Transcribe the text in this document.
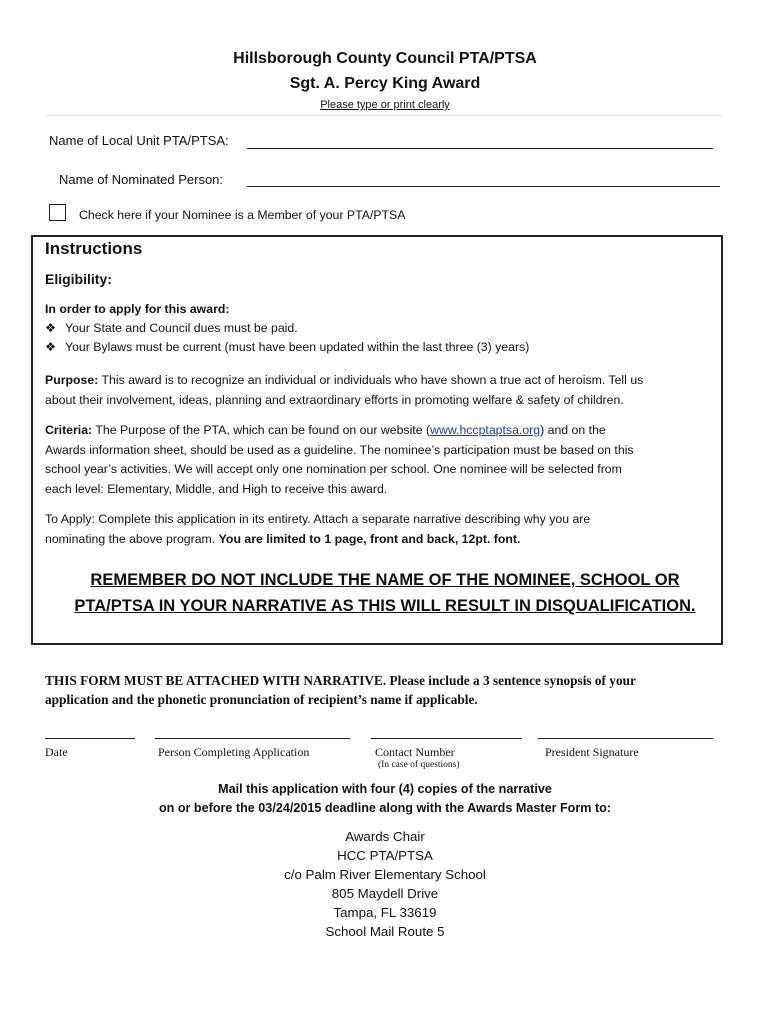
Hillsborough County Council PTA/PTSA
Sgt. A. Percy King Award
Please type or print clearly
Name of Local Unit PTA/PTSA:
Name of Nominated Person:
Check here if your Nominee is a Member of your PTA/PTSA
Instructions
Eligibility:
In order to apply for this award:
❖ Your State and Council dues must be paid.
❖ Your Bylaws must be current (must have been updated within the last three (3) years)
Purpose: This award is to recognize an individual or individuals who have shown a true act of heroism. Tell us
about their involvement, ideas, planning and extraordinary efforts in promoting welfare & safety of children.
Criteria: The Purpose of the PTA, which can be found on our website (www.hccptaptsa.org) and on the
Awards information sheet, should be used as a guideline. The nominee’s participation must be based on this
school year’s activities. We will accept only one nomination per school. One nominee will be selected from
each level: Elementary, Middle, and High to receive this award.
To Apply: Complete this application in its entirety. Attach a separate narrative describing why you are
nominating the above program. You are limited to 1 page, front and back, 12pt. font.
REMEMBER DO NOT INCLUDE THE NAME OF THE NOMINEE, SCHOOL OR
PTA/PTSA IN YOUR NARRATIVE AS THIS WILL RESULT IN DISQUALIFICATION.
THIS FORM MUST BE ATTACHED WITH NARRATIVE. Please include a 3 sentence synopsis of your
application and the phonetic pronunciation of recipient’s name if applicable.
Date	Person Completing Application	Contact Number
(In case of questions)
President Signature
Mail this application with four (4) copies of the narrative
on or before the 03/24/2015 deadline along with the Awards Master Form to:
Awards Chair
HCC PTA/PTSA
c/o Palm River Elementary School
805 Maydell Drive
Tampa, FL 33619
School Mail Route 5
